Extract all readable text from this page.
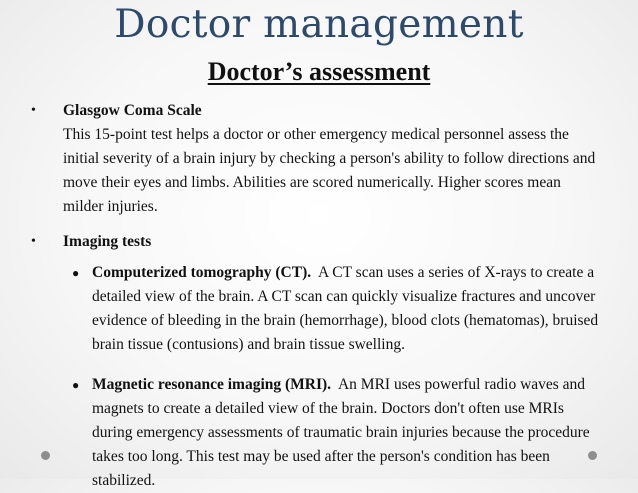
Doctor management
Doctor’s assessment
• Glasgow Coma Scale
This 15-point test helps a doctor or other emergency medical personnel assess the initial severity of a brain injury by checking a person's ability to follow directions and move their eyes and limbs. Abilities are scored numerically. Higher scores mean milder injuries.
• Imaging tests
● Computerized tomography (CT). A CT scan uses a series of X-rays to create a detailed view of the brain. A CT scan can quickly visualize fractures and uncover evidence of bleeding in the brain (hemorrhage), blood clots (hematomas), bruised brain tissue (contusions) and brain tissue swelling.
● Magnetic resonance imaging (MRI). An MRI uses powerful radio waves and magnets to create a detailed view of the brain. Doctors don't often use MRIs during emergency assessments of traumatic brain injuries because the procedure takes too long. This test may be used after the person's condition has been stabilized.
